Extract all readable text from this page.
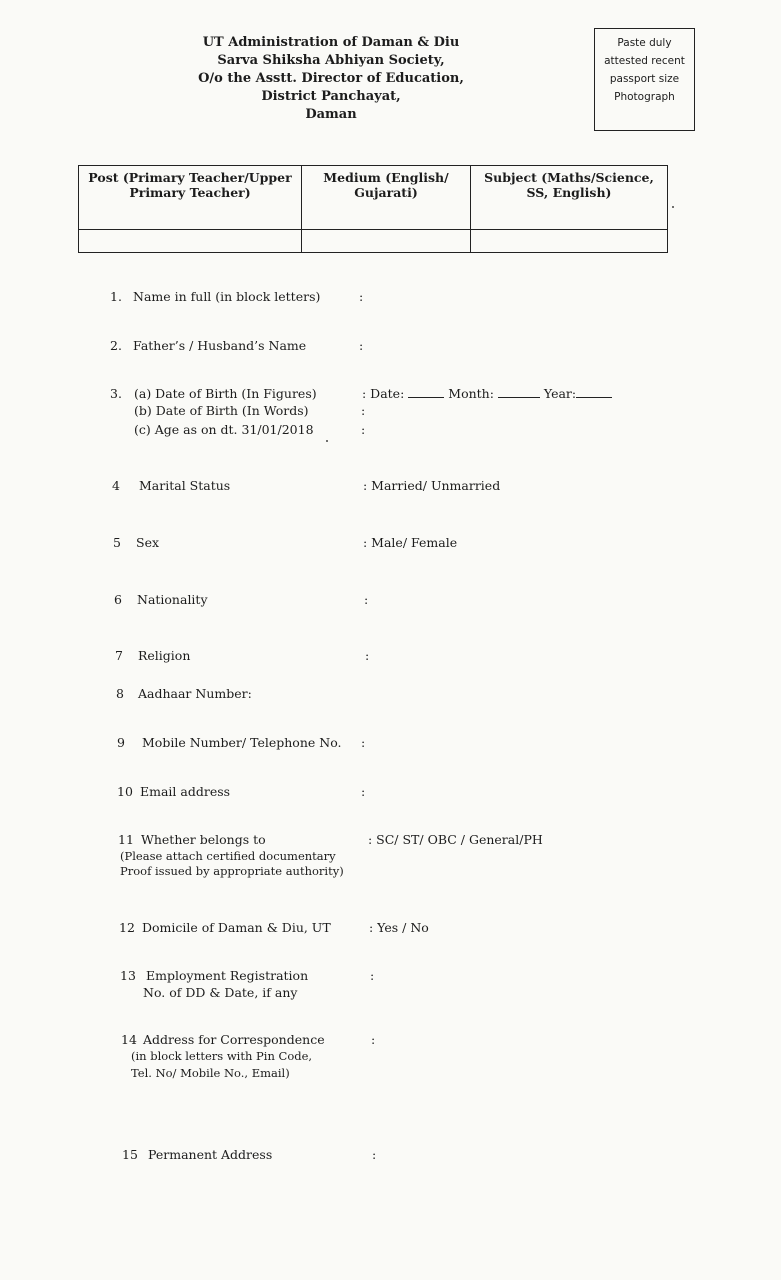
UT Administration of Daman & Diu
Sarva Shiksha Abhiyan Society,
O/o the Asstt. Director of Education,
District Panchayat,
Daman
Paste duly
attested recent
passport size
Photograph
Post (Primary Teacher/Upper Primary Teacher)	Medium (English/ Gujarati)	Subject (Maths/Science, SS, English)

1. Name in full (in block letters)	:
2. Father’s / Husband’s Name	:
3. (a) Date of Birth (In Figures)	: Date:	Month:	Year:
(b) Date of Birth (In Words)	:
(c) Age as on dt. 31/01/2018	:
4 Marital Status	: Married/ Unmarried
5 Sex	: Male/ Female
6 Nationality	:
7 Religion	:
8 Aadhaar Number:
9 Mobile Number/ Telephone No. :
10 Email address	:
11 Whether belongs to	: SC/ ST/ OBC / General/PH
(Please attach certified documentary
Proof issued by appropriate authority)
12 Domicile of Daman & Diu, UT	: Yes / No
13 Employment Registration	:
No. of DD & Date, if any
14 Address for Correspondence	:
(in block letters with Pin Code,
Tel. No/ Mobile No., Email)
15 Permanent Address	:
